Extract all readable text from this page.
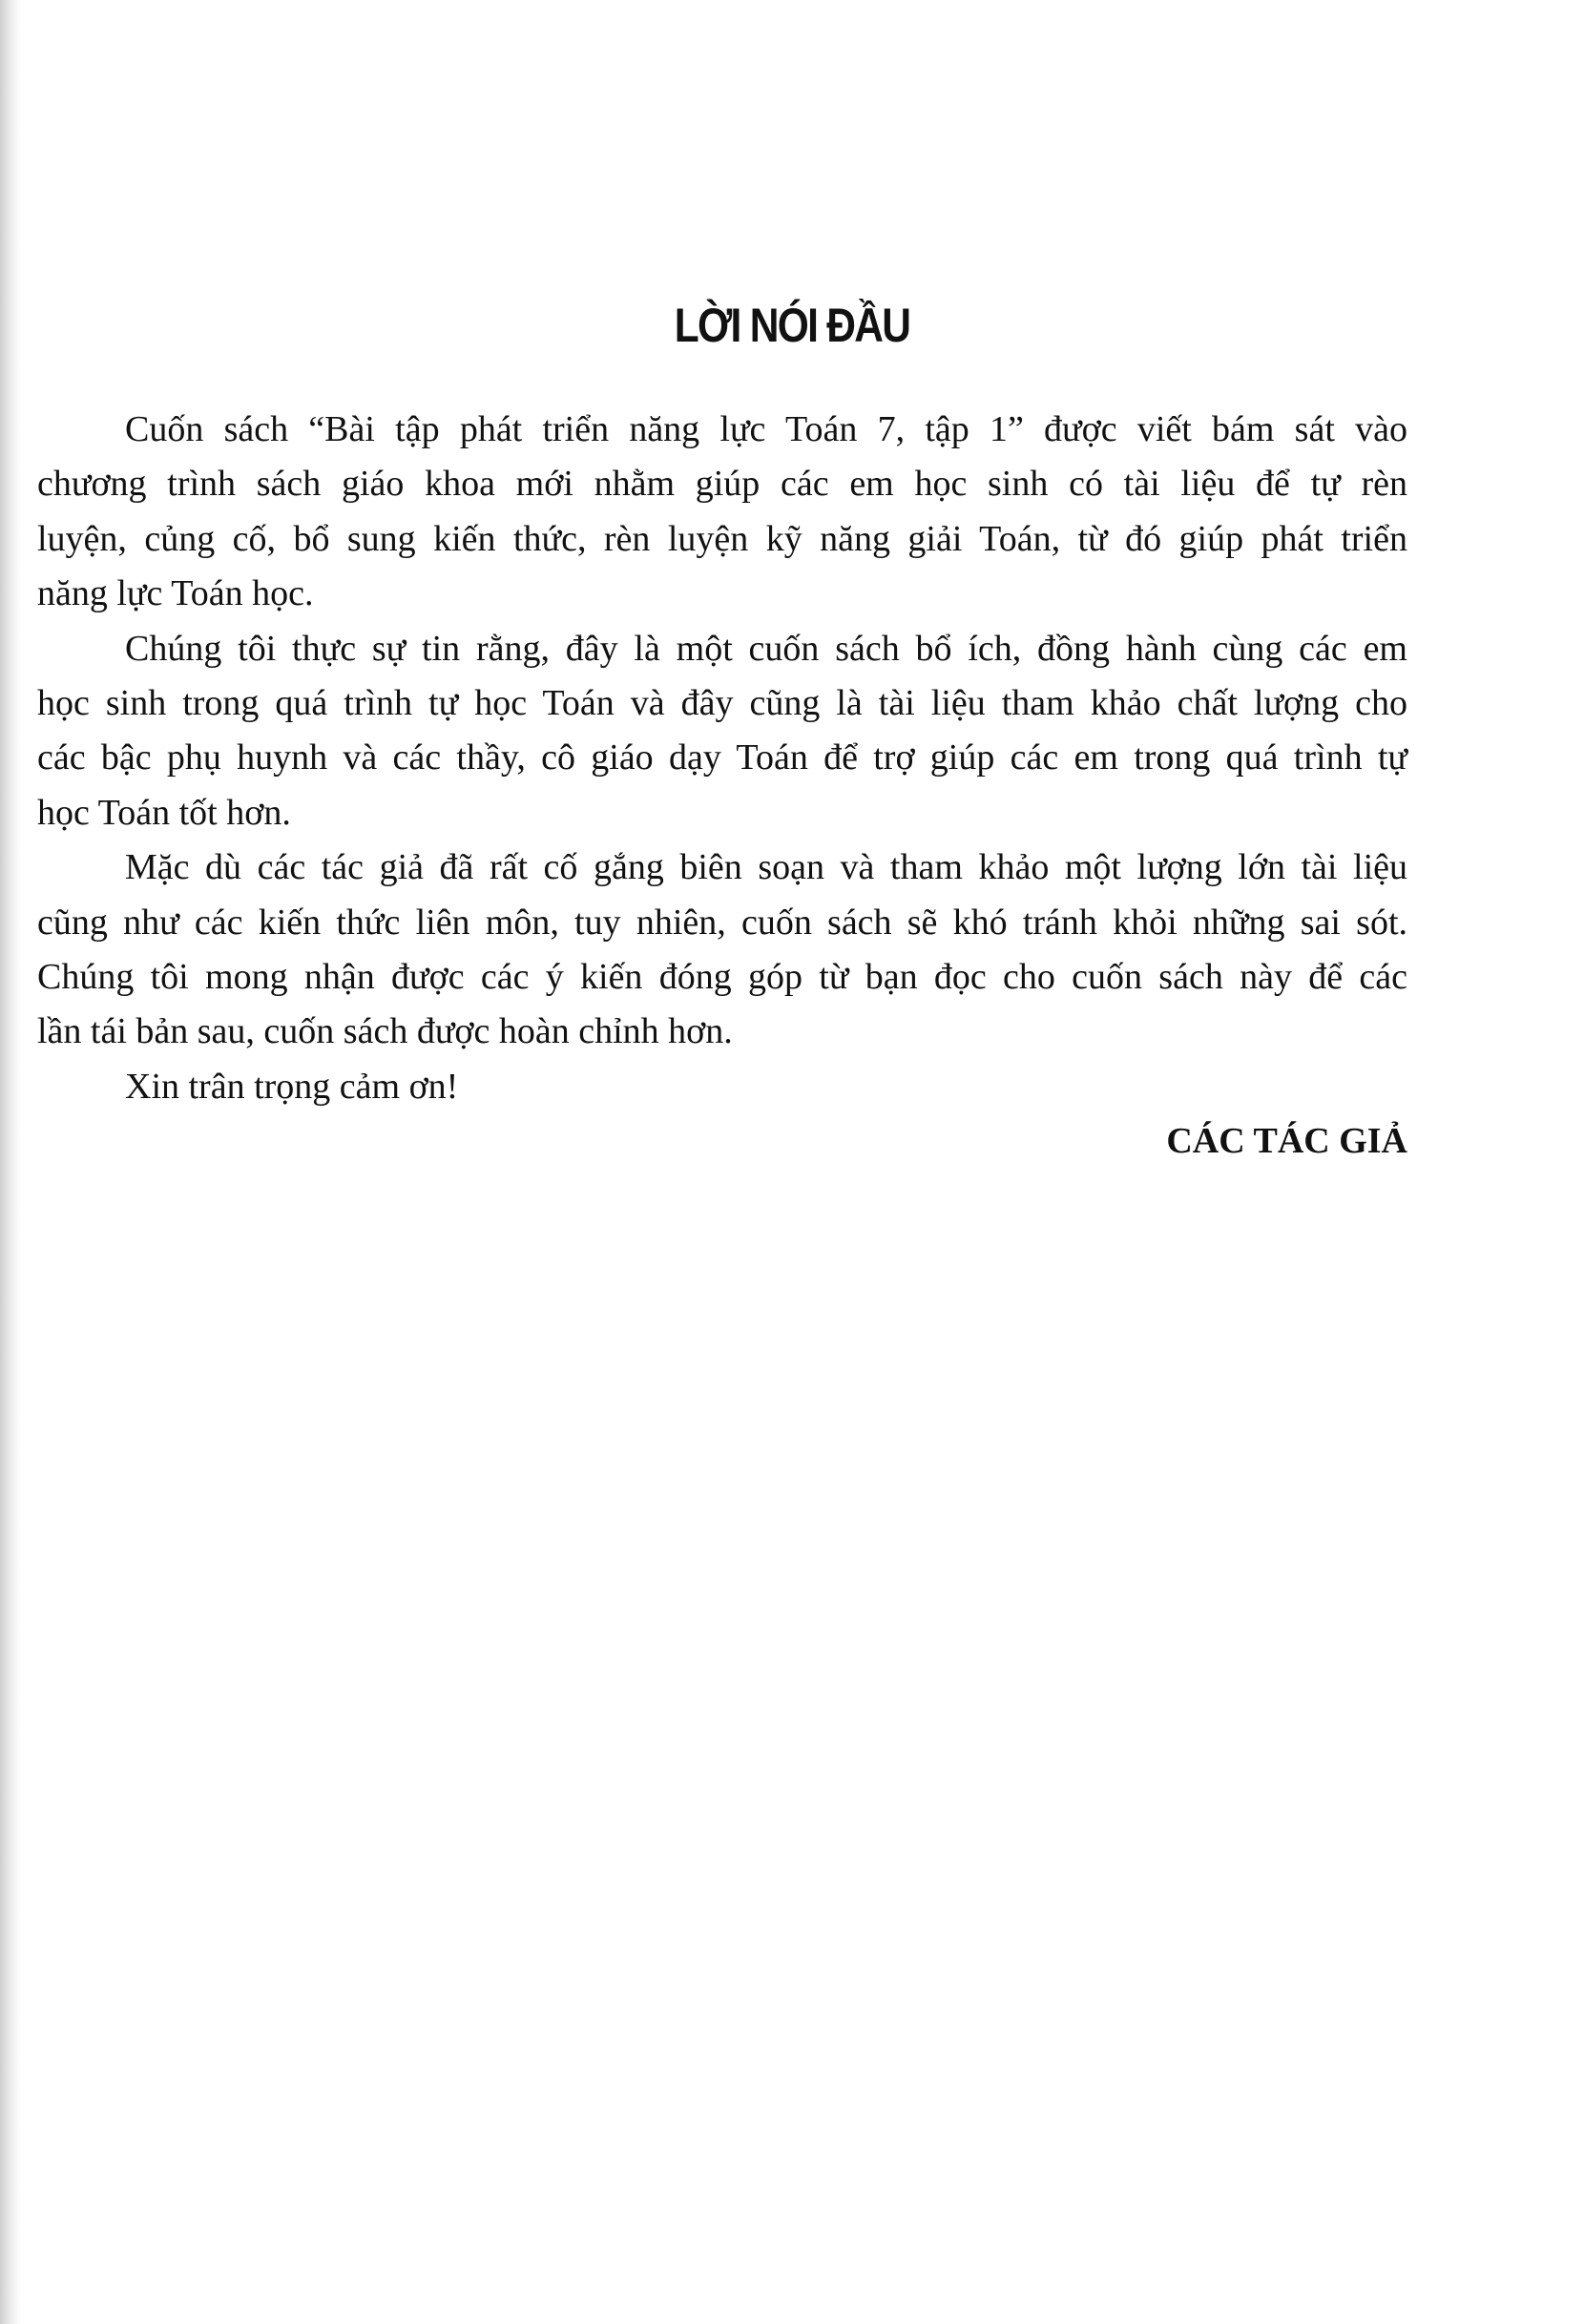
LỜI NÓI ĐẦU
Cuốn sách “Bài tập phát triển năng lực Toán 7, tập 1” được viết bám sát vào
chương trình sách giáo khoa mới nhằm giúp các em học sinh có tài liệu để tự rèn
luyện, củng cố, bổ sung kiến thức, rèn luyện kỹ năng giải Toán, từ đó giúp phát triển
năng lực Toán học.
Chúng tôi thực sự tin rằng, đây là một cuốn sách bổ ích, đồng hành cùng các em
học sinh trong quá trình tự học Toán và đây cũng là tài liệu tham khảo chất lượng cho
các bậc phụ huynh và các thầy, cô giáo dạy Toán để trợ giúp các em trong quá trình tự
học Toán tốt hơn.
Mặc dù các tác giả đã rất cố gắng biên soạn và tham khảo một lượng lớn tài liệu
cũng như các kiến thức liên môn, tuy nhiên, cuốn sách sẽ khó tránh khỏi những sai sót.
Chúng tôi mong nhận được các ý kiến đóng góp từ bạn đọc cho cuốn sách này để các
lần tái bản sau, cuốn sách được hoàn chỉnh hơn.
Xin trân trọng cảm ơn!
CÁC TÁC GIẢ
